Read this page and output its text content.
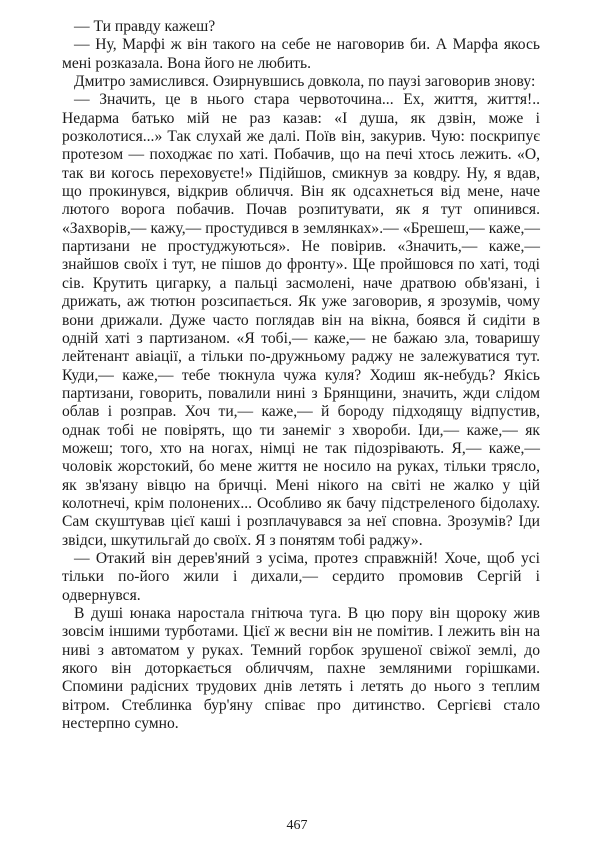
— Ти правду кажеш?

— Ну, Марфі ж він такого на себе не наговорив би. А Марфа якось мені розказала. Вона його не любить.

Дмитро замислився. Озирнувшись довкола, по паузі заговорив знову:

— Значить, це в нього стара червоточина... Ех, життя, життя!.. Недарма батько мій не раз казав: «І душа, як дзвін, може і розколотися...» Так слухай же далі. Поїв він, закурив. Чую: поскрипує протезом — походжає по хаті. Побачив, що на печі хтось лежить. «О, так ви когось переховуєте!» Підійшов, смикнув за ковдру. Ну, я вдав, що прокинувся, відкрив обличчя. Він як одсахнеться від мене, наче лютого ворога побачив. Почав розпитувати, як я тут опинився. «Захворів,— кажу,— простудився в землянках».— «Брешеш,— каже,— партизани не простуджуються». Не повірив. «Значить,— каже,— знайшов своїх і тут, не пішов до фронту». Ще пройшовся по хаті, тоді сів. Крутить цигарку, а пальці засмолені, наче дратвою обв'язані, і дрижать, аж тютюн розсипається. Як уже заговорив, я зрозумів, чому вони дрижали. Дуже часто поглядав він на вікна, боявся й сидіти в одній хаті з партизаном. «Я тобі,— каже,— не бажаю зла, товаришу лейтенант авіації, а тільки по-дружньому раджу не залежуватися тут. Куди,— каже,— тебе тюкнула чужа куля? Ходиш як-небудь? Якісь партизани, говорить, повалили нині з Брянщини, значить, жди слідом облав і розправ. Хоч ти,— каже,— й бороду підходящу відпустив, однак тобі не повірять, що ти занеміг з хвороби. Іди,— каже,— як можеш; того, хто на ногах, німці не так підозрівають. Я,— каже,— чоловік жорстокий, бо мене життя не носило на руках, тільки трясло, як зв'язану вівцю на бричці. Мені нікого на світі не жалко у цій колотнечі, крім полонених... Особливо як бачу підстреленого бідолаху. Сам скуштував цієї каші і розплачувався за неї сповна. Зрозумів? Іди звідси, шкутильгай до своїх. Я з понятям тобі раджу».

— Отакий він дерев'яний з усіма, протез справжній! Хоче, щоб усі тільки по-його жили і дихали,— сердито промовив Сергій і одвернувся.

В душі юнака наростала гнітюча туга. В цю пору він щороку жив зовсім іншими турботами. Цієї ж весни він не помітив. І лежить він на ниві з автоматом у руках. Темний горбок зрушеної свіжої землі, до якого він доторкається обличчям, пахне земляними горішками. Спомини радісних трудових днів летять і летять до нього з теплим вітром. Стеблинка бур'яну співає про дитинство. Сергієві стало нестерпно сумно.

467
